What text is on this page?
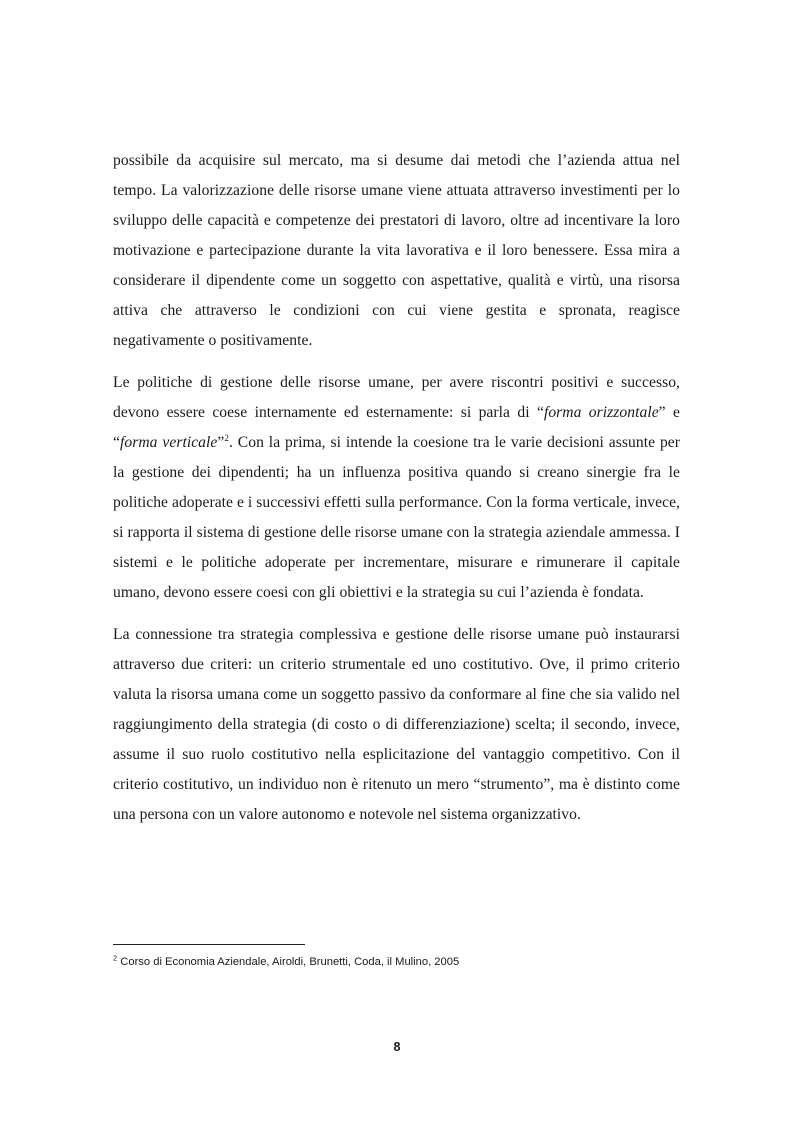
possibile da acquisire sul mercato, ma si desume dai metodi che l’azienda attua nel tempo. La valorizzazione delle risorse umane viene attuata attraverso investimenti per lo sviluppo delle capacità e competenze dei prestatori di lavoro, oltre ad incentivare la loro motivazione e partecipazione durante la vita lavorativa e il loro benessere. Essa mira a considerare il dipendente come un soggetto con aspettative, qualità e virtù, una risorsa attiva che attraverso le condizioni con cui viene gestita e spronata, reagisce negativamente o positivamente.

Le politiche di gestione delle risorse umane, per avere riscontri positivi e successo, devono essere coese internamente ed esternamente: si parla di “forma orizzontale” e “forma verticale”$^2$. Con la prima, si intende la coesione tra le varie decisioni assunte per la gestione dei dipendenti; ha un influenza positiva quando si creano sinergie fra le politiche adoperate e i successivi effetti sulla performance. Con la forma verticale, invece, si rapporta il sistema di gestione delle risorse umane con la strategia aziendale ammessa. I sistemi e le politiche adoperate per incrementare, misurare e rimunerare il capitale umano, devono essere coesi con gli obiettivi e la strategia su cui l’azienda è fondata.

La connessione tra strategia complessiva e gestione delle risorse umane può instaurarsi attraverso due criteri: un criterio strumentale ed uno costitutivo. Ove, il primo criterio valuta la risorsa umana come un soggetto passivo da conformare al fine che sia valido nel raggiungimento della strategia (di costo o di differenziazione) scelta; il secondo, invece, assume il suo ruolo costitutivo nella esplicitazione del vantaggio competitivo. Con il criterio costitutivo, un individuo non è ritenuto un mero “strumento”, ma è distinto come una persona con un valore autonomo e notevole nel sistema organizzativo.

$^2$ Corso di Economia Aziendale, Airoldi, Brunetti, Coda, il Mulino, 2005
8
